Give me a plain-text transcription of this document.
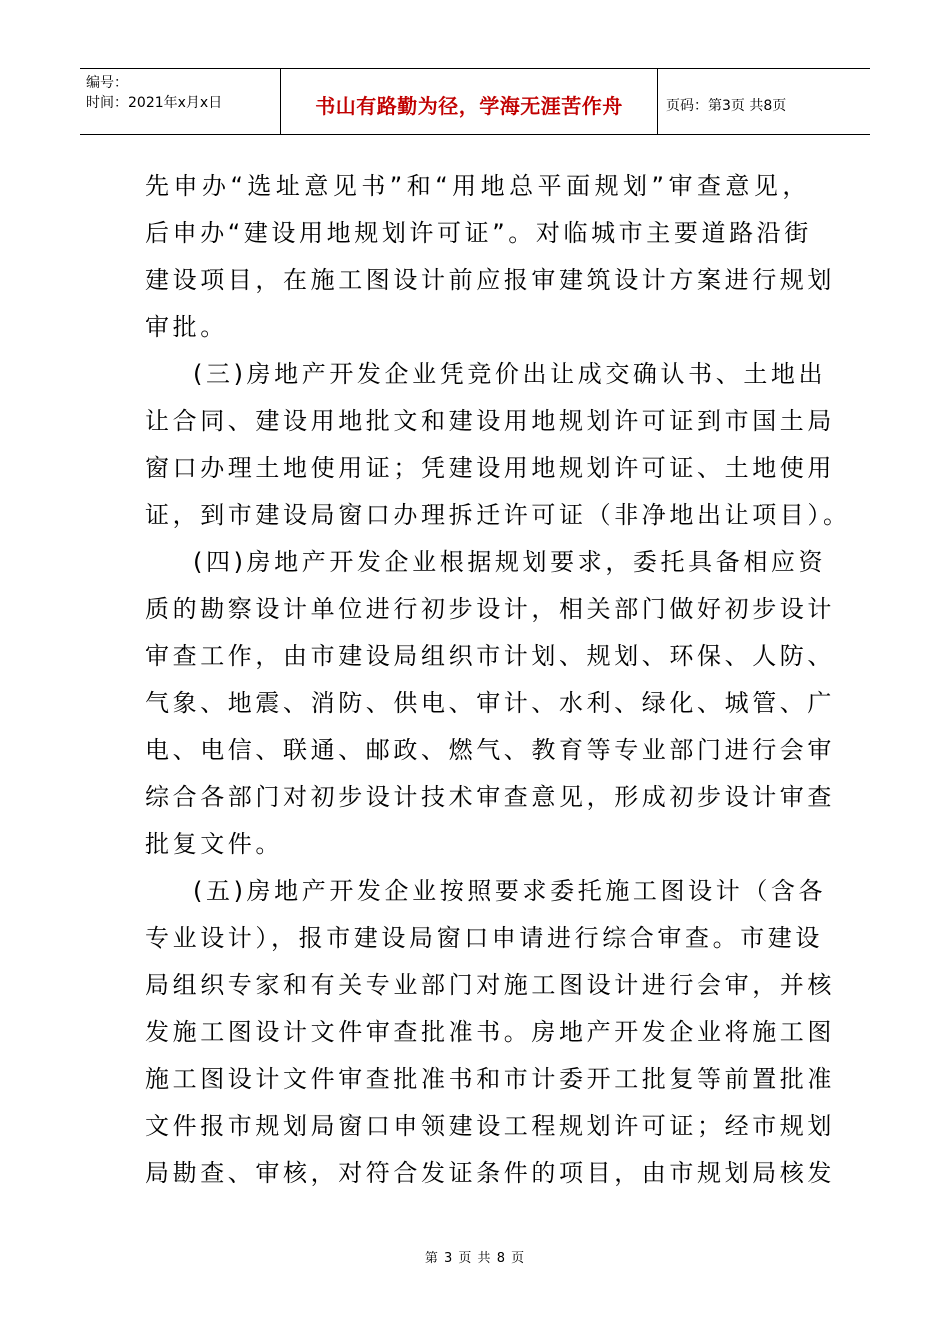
编号：
时间：2021年x月x日	书山有路勤为径，学海无涯苦作舟	页码：第3页 共8页
先申办“选址意见书”和“用地总平面规划”审查意见，
后申办“建设用地规划许可证”。对临城市主要道路沿街
建设项目，在施工图设计前应报审建筑设计方案进行规划
审批。
(三)房地产开发企业凭竞价出让成交确认书、土地出
让合同、建设用地批文和建设用地规划许可证到市国土局
窗口办理土地使用证；凭建设用地规划许可证、土地使用
证，到市建设局窗口办理拆迁许可证（非净地出让项目）。
(四)房地产开发企业根据规划要求，委托具备相应资
质的勘察设计单位进行初步设计，相关部门做好初步设计
审查工作，由市建设局组织市计划、规划、环保、人防、
气象、地震、消防、供电、审计、水利、绿化、城管、广
电、电信、联通、邮政、燃气、教育等专业部门进行会审
综合各部门对初步设计技术审查意见，形成初步设计审查
批复文件。
(五)房地产开发企业按照要求委托施工图设计（含各
专业设计），报市建设局窗口申请进行综合审查。市建设
局组织专家和有关专业部门对施工图设计进行会审，并核
发施工图设计文件审查批准书。房地产开发企业将施工图
施工图设计文件审查批准书和市计委开工批复等前置批准
文件报市规划局窗口申领建设工程规划许可证；经市规划
局勘查、审核，对符合发证条件的项目，由市规划局核发
第 3 页 共 8 页
